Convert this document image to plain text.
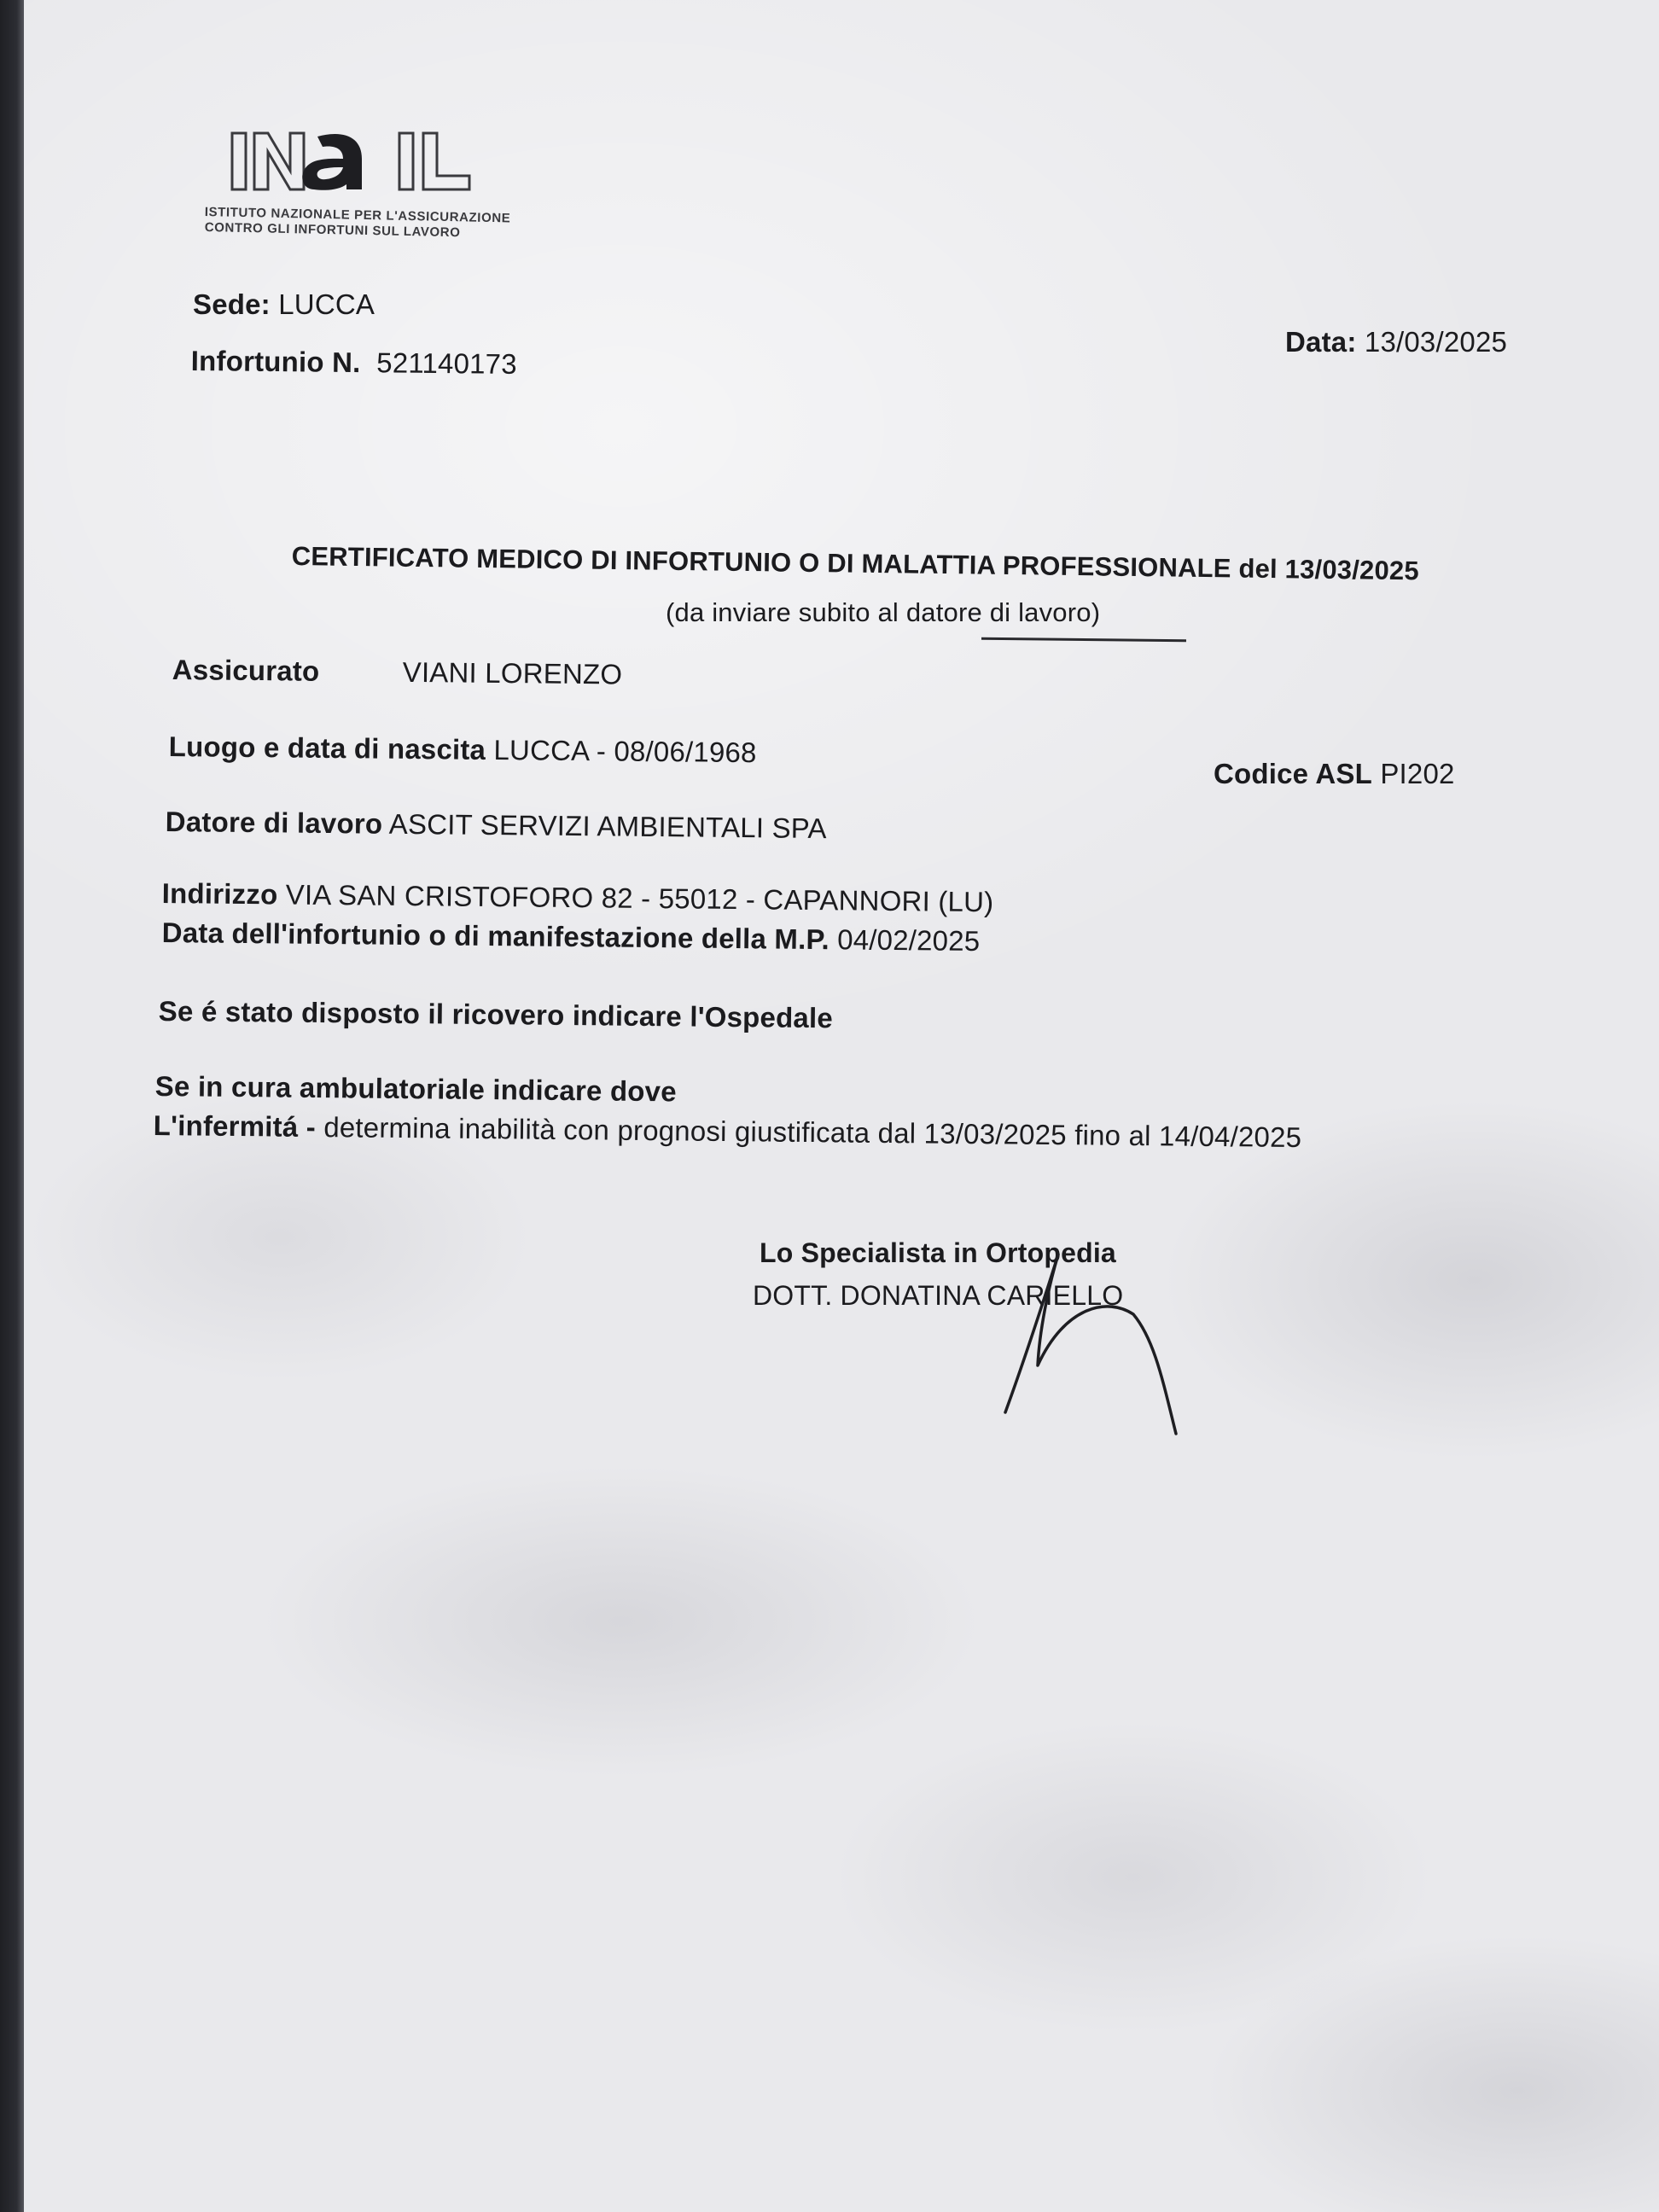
ISTITUTO NAZIONALE PER L'ASSICURAZIONE
CONTRO GLI INFORTUNI SUL LAVORO
Sede: LUCCA
Infortunio N. 521140173
Data: 13/03/2025
CERTIFICATO MEDICO DI INFORTUNIO O DI MALATTIA PROFESSIONALE del 13/03/2025
(da inviare subito al datore di lavoro)
Assicurato	VIANI LORENZO
Luogo e data di nascita LUCCA - 08/06/1968
Codice ASL PI202
Datore di lavoro ASCIT SERVIZI AMBIENTALI SPA
Indirizzo VIA SAN CRISTOFORO 82 - 55012 - CAPANNORI (LU)
Data dell'infortunio o di manifestazione della M.P. 04/02/2025
Se é stato disposto il ricovero indicare l'Ospedale
Se in cura ambulatoriale indicare dove
L'infermitá - determina inabilità con prognosi giustificata dal 13/03/2025 fino al 14/04/2025
Lo Specialista in Ortopedia
DOTT. DONATINA CARIELLO
